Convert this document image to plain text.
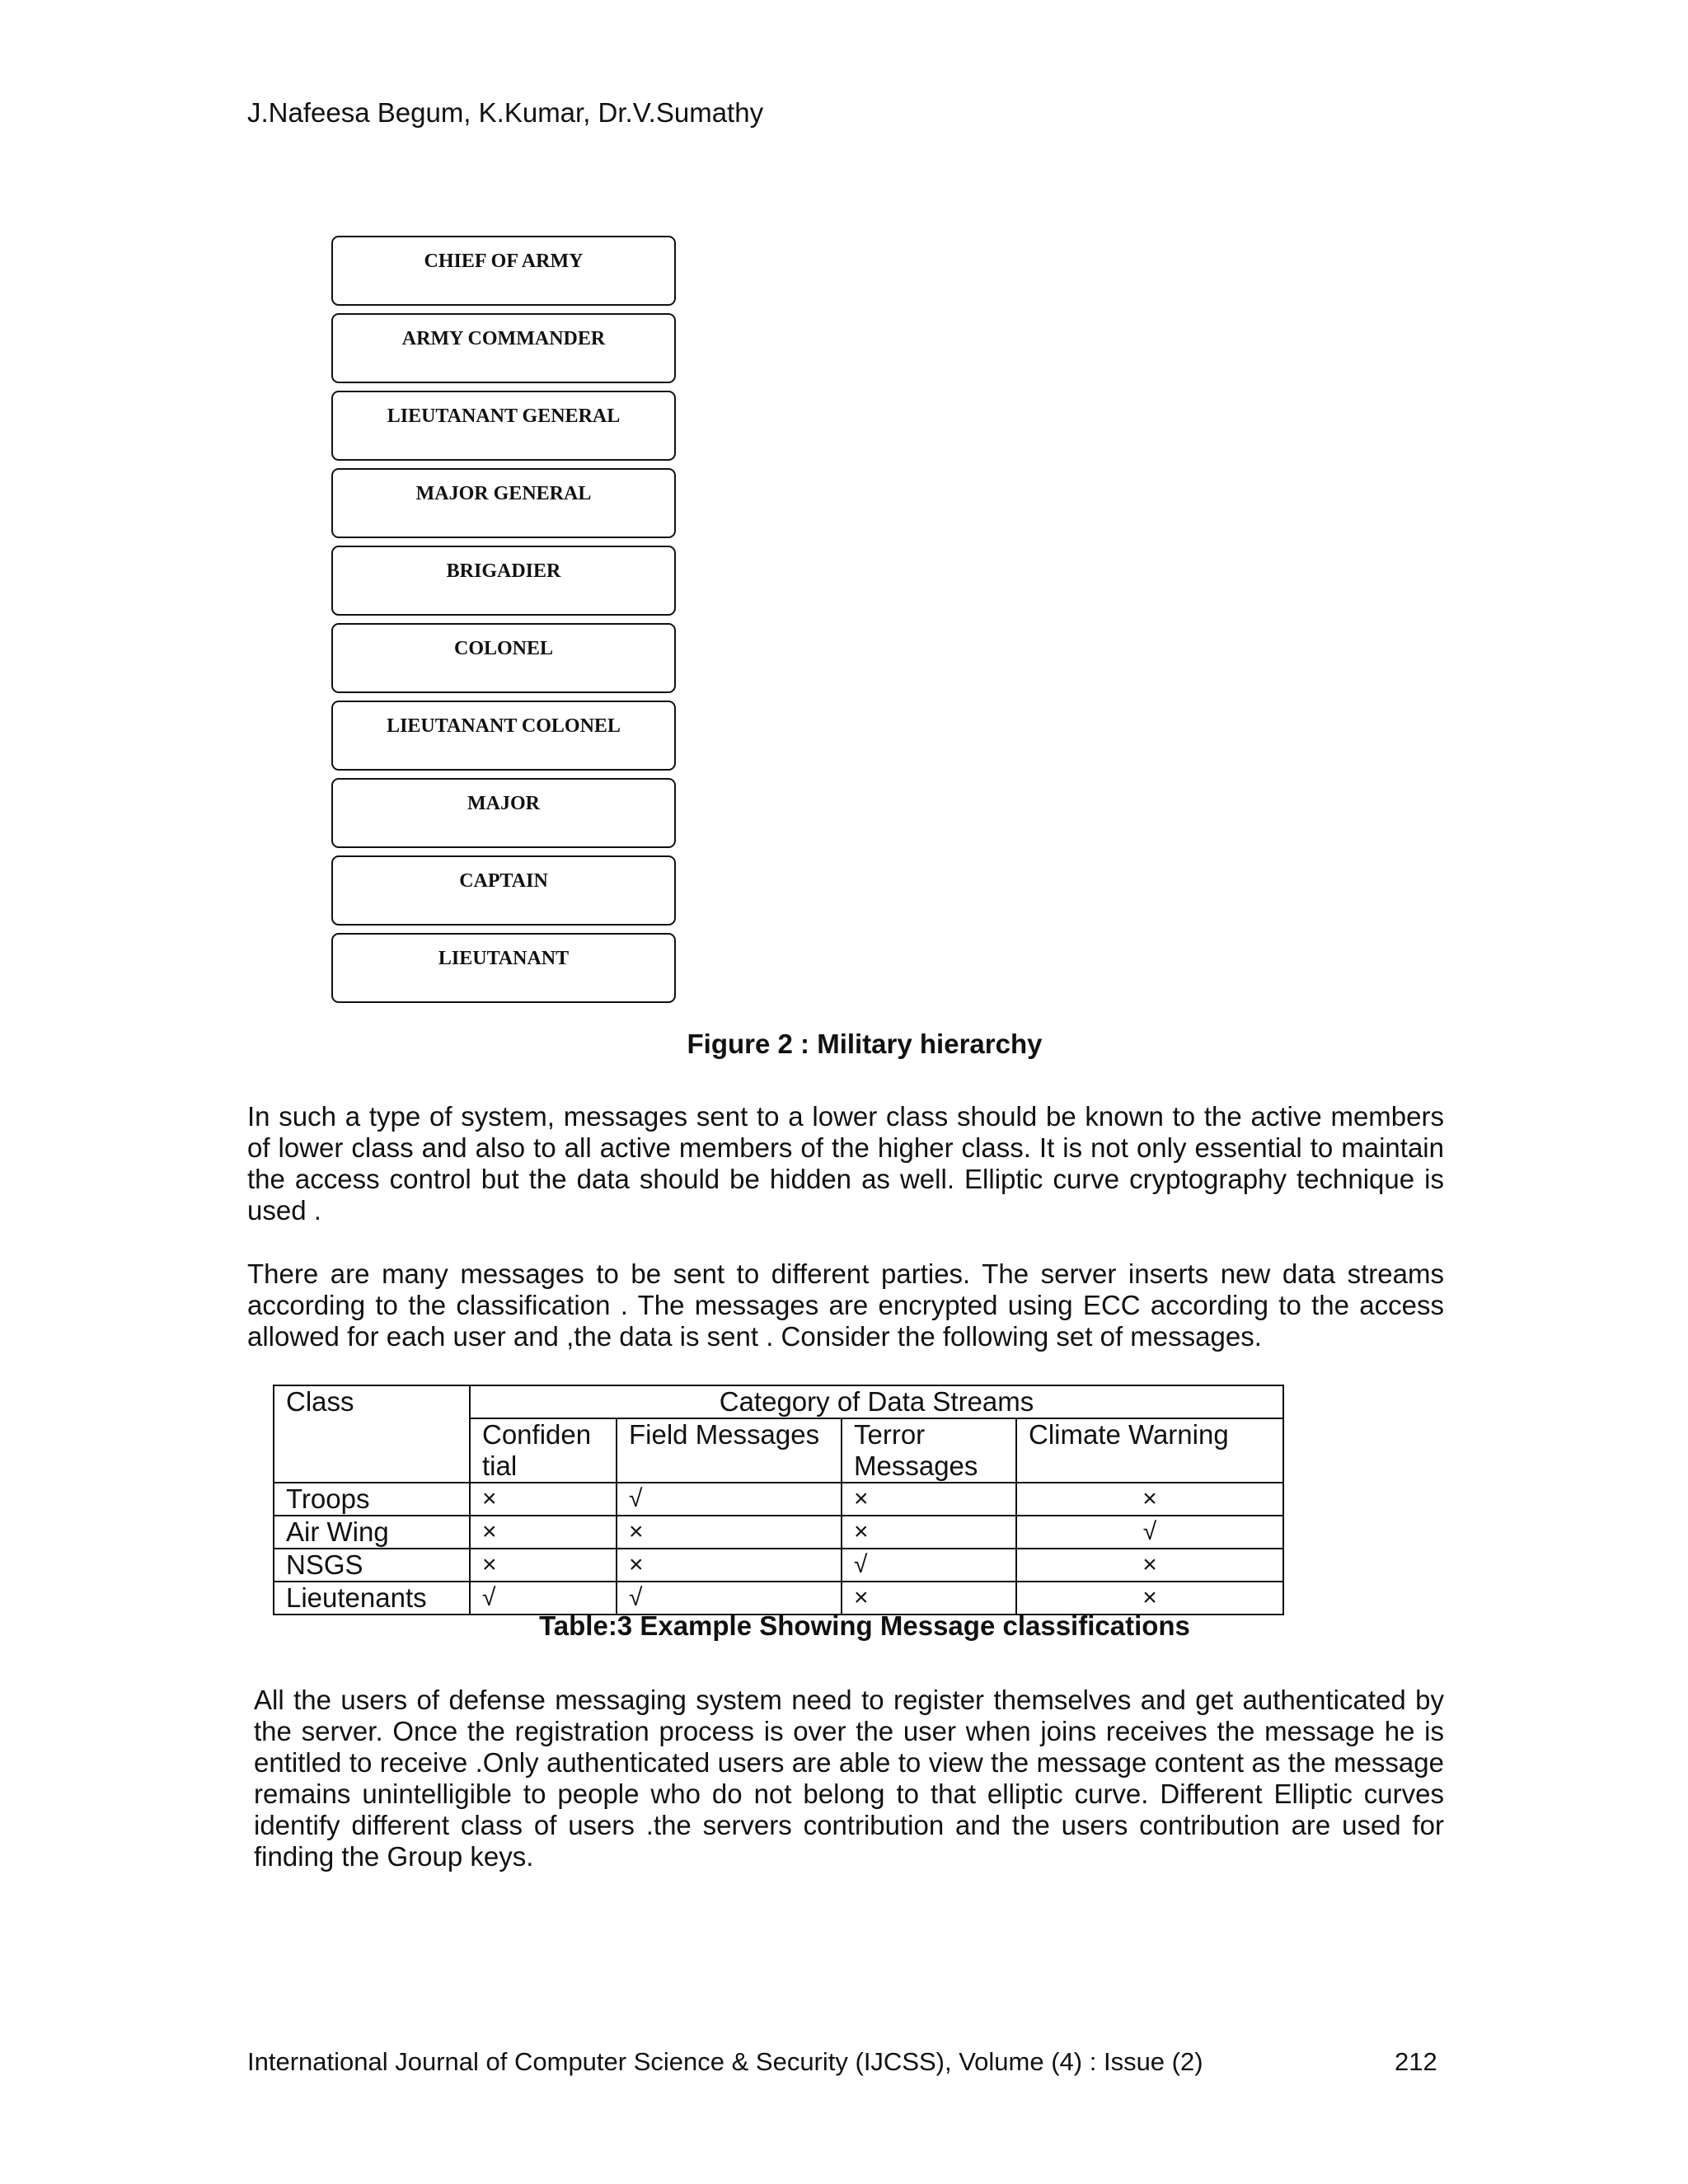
J.Nafeesa Begum, K.Kumar, Dr.V.Sumathy
CHIEF OF ARMY
ARMY COMMANDER
LIEUTANANT GENERAL
MAJOR GENERAL
BRIGADIER
COLONEL
LIEUTANANT COLONEL
MAJOR
CAPTAIN
LIEUTANANT
Figure 2 : Military hierarchy
In such a type of system, messages sent to a lower class should be known to the active members of lower class and also to all active members of the higher class. It is not only essential to maintain the access control but the data should be hidden as well. Elliptic curve cryptography technique is used .
There are many messages to be sent to different parties. The server inserts new data streams according to the classification . The messages are encrypted using ECC according to the access allowed for each user and ,the data is sent . Consider the following set of messages.
Class	Category of Data Streams			
	Confiden tial	Field Messages	Terror Messages	Climate Warning
Troops	×	√	×	×
Air Wing	×	×	×	√
NSGS	×	×	√	×
Lieutenants	√	√	×	×
Table:3 Example Showing Message classifications
All the users of defense messaging system need to register themselves and get authenticated by the server. Once the registration process is over the user when joins receives the message he is entitled to receive .Only authenticated users are able to view the message content as the message remains unintelligible to people who do not belong to that elliptic curve. Different Elliptic curves identify different class of users .the servers contribution and the users contribution are used for finding the Group keys.
International Journal of Computer Science & Security (IJCSS), Volume (4) : Issue (2)	212
